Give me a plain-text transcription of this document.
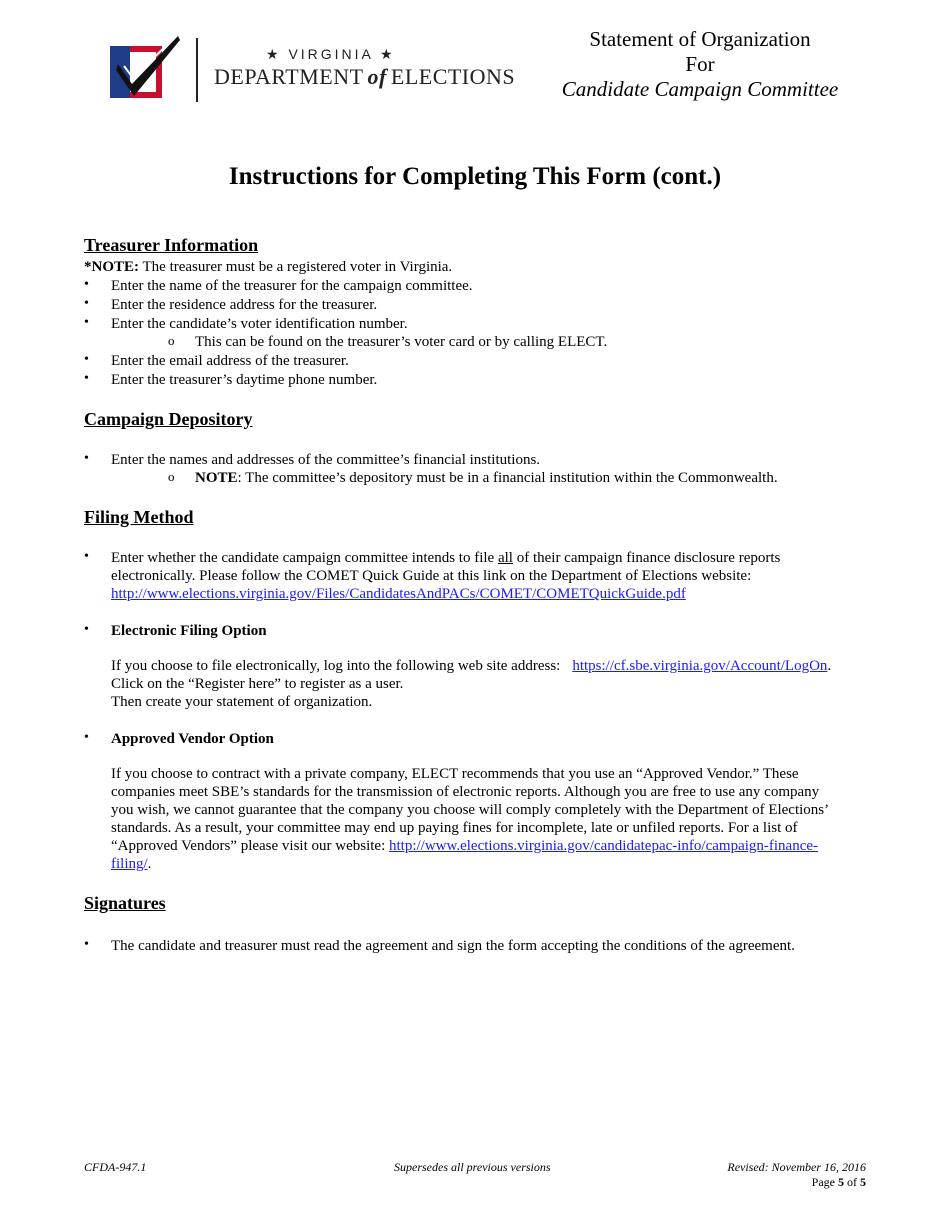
★ VIRGINIA ★
DEPARTMENT of ELECTIONS
Statement of Organization
For
Candidate Campaign Committee
Instructions for Completing This Form (cont.)
Treasurer Information
*NOTE: The treasurer must be a registered voter in Virginia.
• Enter the name of the treasurer for the campaign committee.
• Enter the residence address for the treasurer.
• Enter the candidate’s voter identification number.
o This can be found on the treasurer’s voter card or by calling ELECT.
• Enter the email address of the treasurer.
• Enter the treasurer’s daytime phone number.
Campaign Depository
• Enter the names and addresses of the committee’s financial institutions.
o NOTE: The committee’s depository must be in a financial institution within the Commonwealth.
Filing Method
• Enter whether the candidate campaign committee intends to file all of their campaign finance disclosure reports
electronically. Please follow the COMET Quick Guide at this link on the Department of Elections website:
http://www.elections.virginia.gov/Files/CandidatesAndPACs/COMET/COMETQuickGuide.pdf
• Electronic Filing Option
If you choose to file electronically, log into the following web site address: https://cf.sbe.virginia.gov/Account/LogOn.
Click on the “Register here” to register as a user.
Then create your statement of organization.
• Approved Vendor Option
If you choose to contract with a private company, ELECT recommends that you use an “Approved Vendor.” These
companies meet SBE’s standards for the transmission of electronic reports. Although you are free to use any company
you wish, we cannot guarantee that the company you choose will comply completely with the Department of Elections’
standards. As a result, your committee may end up paying fines for incomplete, late or unfiled reports. For a list of
“Approved Vendors” please visit our website: http://www.elections.virginia.gov/candidatepac-info/campaign-finance-
filing/.
Signatures
• The candidate and treasurer must read the agreement and sign the form accepting the conditions of the agreement.
CFDA-947.1	Supersedes all previous versions	Revised: November 16, 2016
Page 5 of 5
